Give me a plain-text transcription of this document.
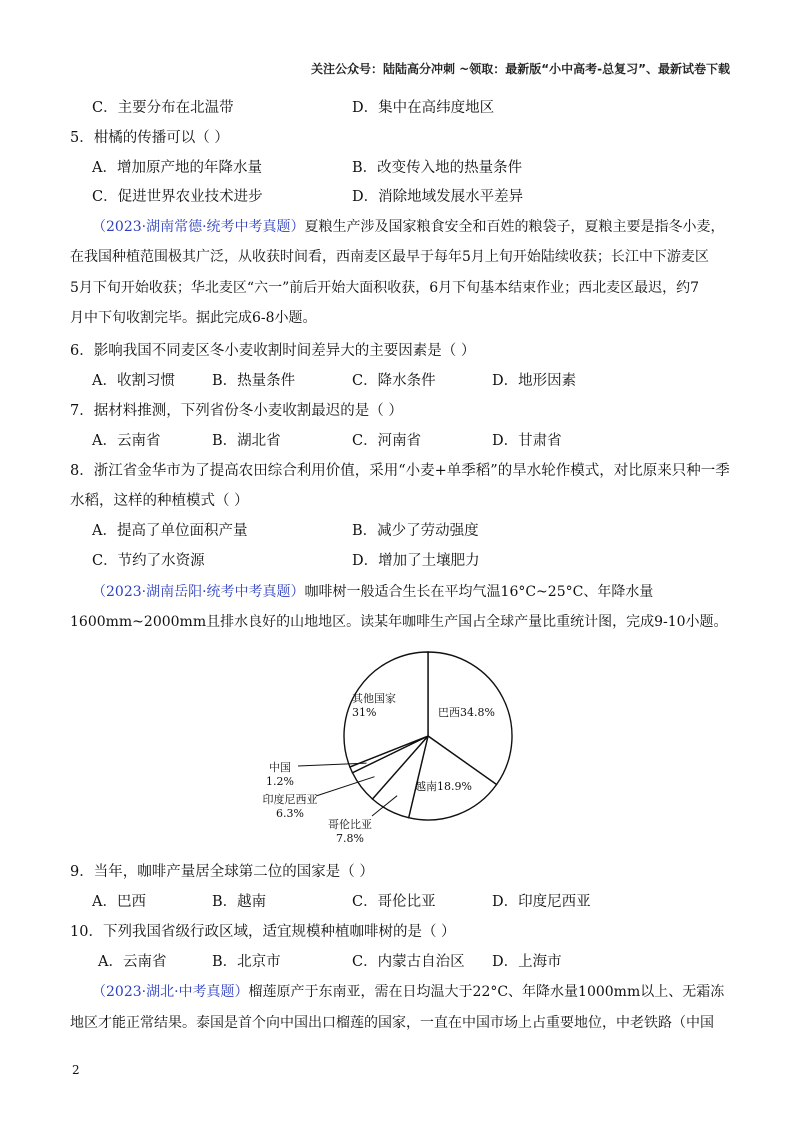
关注公众号：陆陆高分冲刺 ~领取：最新版“小中高考-总复习”、最新试卷下载
C．主要分布在北温带	D．集中在高纬度地区
5．柑橘的传播可以（ ）
A．增加原产地的年降水量	B．改变传入地的热量条件
C．促进世界农业技术进步	D．消除地域发展水平差异
（2023·湖南常德·统考中考真题）夏粮生产涉及国家粮食安全和百姓的粮袋子，夏粮主要是指冬小麦，
在我国种植范围极其广泛，从收获时间看，西南麦区最早于每年5月上旬开始陆续收获；长江中下游麦区
5月下旬开始收获；华北麦区“六一”前后开始大面积收获，6月下旬基本结束作业；西北麦区最迟，约7
月中下旬收割完毕。据此完成6-8小题。
6．影响我国不同麦区冬小麦收割时间差异大的主要因素是（ ）
A．收割习惯	B．热量条件	C．降水条件	D．地形因素
7．据材料推测，下列省份冬小麦收割最迟的是（ ）
A．云南省	B．湖北省	C．河南省	D．甘肃省
8．浙江省金华市为了提高农田综合利用价值，采用“小麦+单季稻”的旱水轮作模式，对比原来只种一季
水稻，这样的种植模式（ ）
A．提高了单位面积产量	B．减少了劳动强度
C．节约了水资源	D．增加了土壤肥力
（2023·湖南岳阳·统考中考真题）咖啡树一般适合生长在平均气温16°C~25°C、年降水量
1600mm~2000mm且排水良好的山地地区。读某年咖啡生产国占全球产量比重统计图，完成9-10小题。
巴西34.8%
越南18.9%
哥伦比亚
7.8%
印度尼西亚
6.3%
中国
1.2%
其他国家
31%
9．当年，咖啡产量居全球第二位的国家是（ ）
A．巴西	B．越南	C．哥伦比亚	D．印度尼西亚
10．下列我国省级行政区域，适宜规模种植咖啡树的是（ ）
A．云南省	B．北京市	C．内蒙古自治区 D．上海市
（2023·湖北·中考真题）榴莲原产于东南亚，需在日均温大于22°C、年降水量1000mm以上、无霜冻
地区才能正常结果。泰国是首个向中国出口榴莲的国家，一直在中国市场上占重要地位，中老铁路（中国
2
